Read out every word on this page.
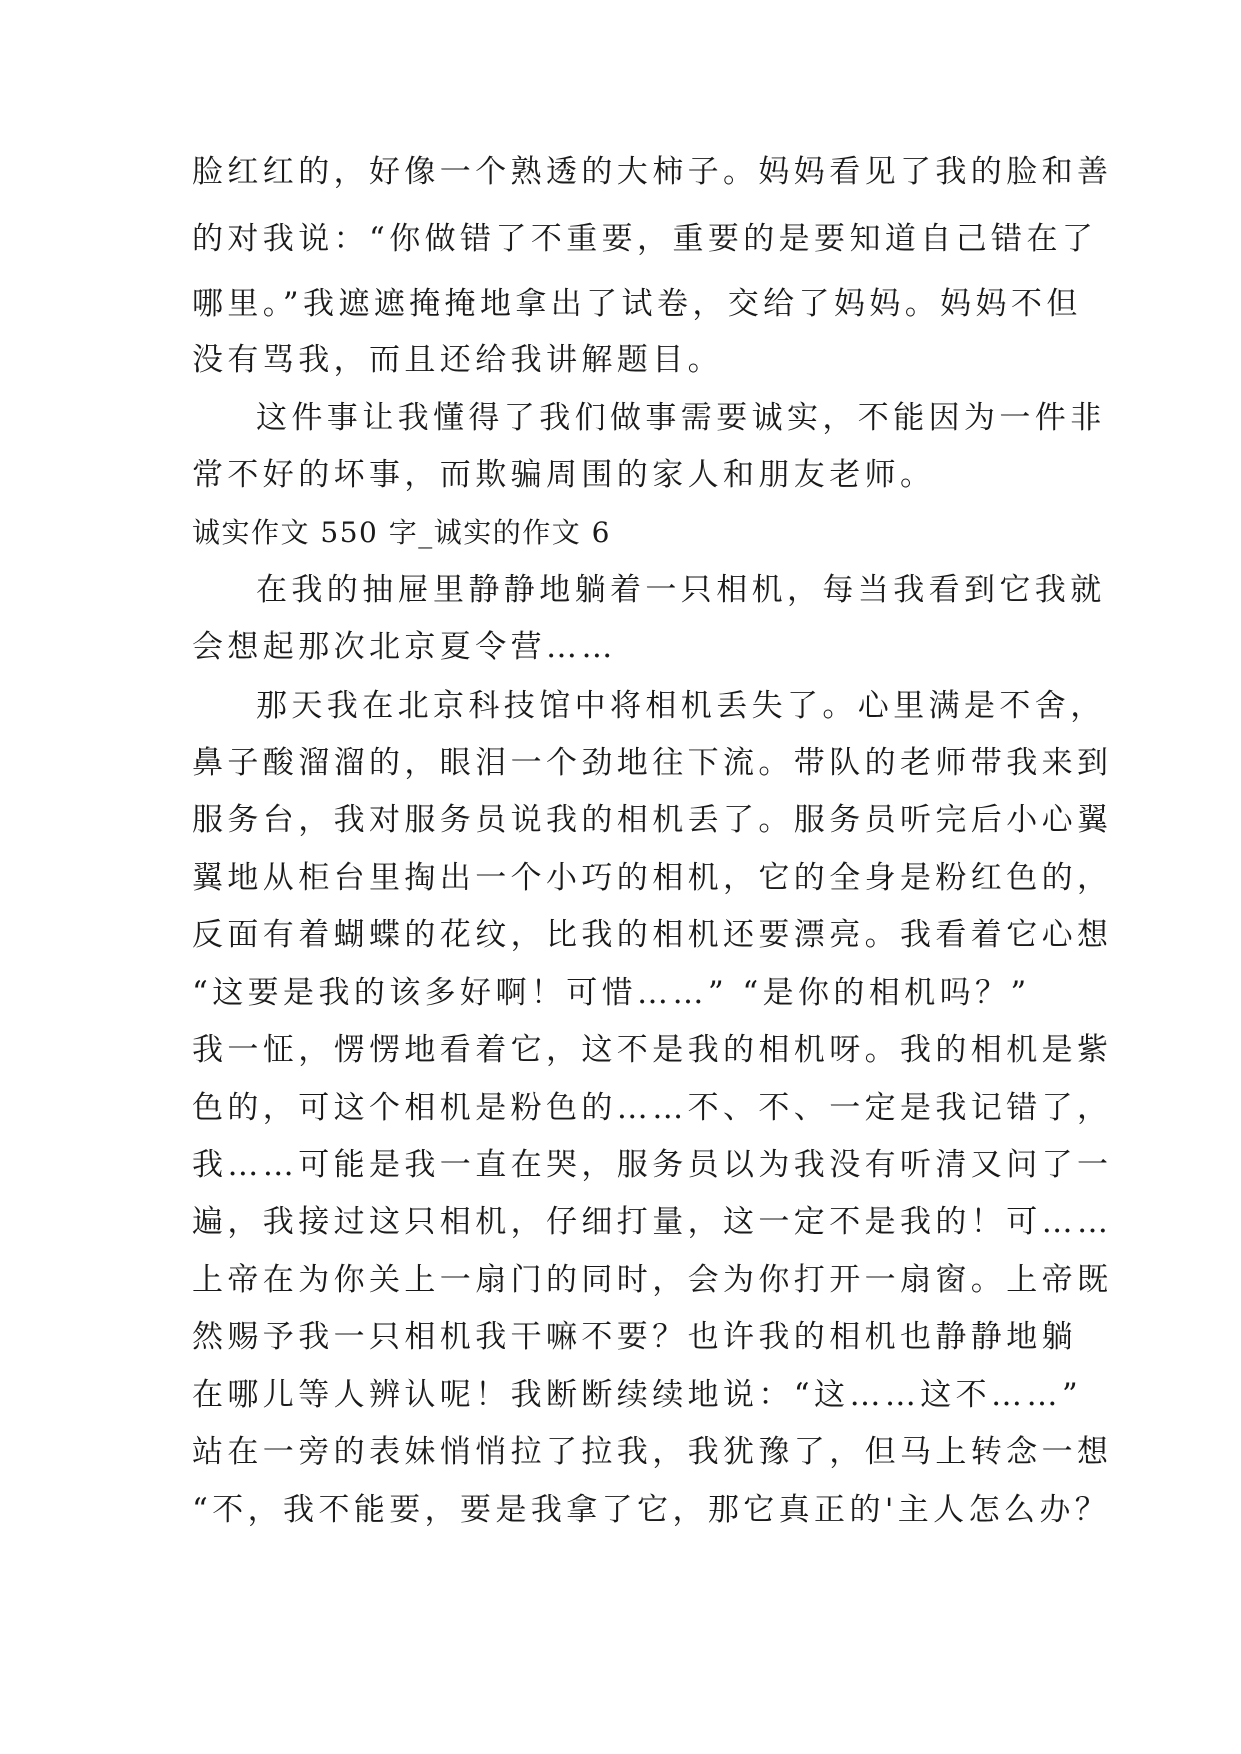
脸红红的，好像一个熟透的大柿子。妈妈看见了我的脸和善
的对我说：“你做错了不重要，重要的是要知道自己错在了
哪里。”我遮遮掩掩地拿出了试卷，交给了妈妈。妈妈不但
没有骂我，而且还给我讲解题目。
这件事让我懂得了我们做事需要诚实，不能因为一件非
常不好的坏事，而欺骗周围的家人和朋友老师。
诚实作文 550 字_诚实的作文 6
在我的抽屉里静静地躺着一只相机，每当我看到它我就
会想起那次北京夏令营……
那天我在北京科技馆中将相机丢失了。心里满是不舍，
鼻子酸溜溜的，眼泪一个劲地往下流。带队的老师带我来到
服务台，我对服务员说我的相机丢了。服务员听完后小心翼
翼地从柜台里掏出一个小巧的相机，它的全身是粉红色的，
反面有着蝴蝶的花纹，比我的相机还要漂亮。我看着它心想
“这要是我的该多好啊！可惜……” “是你的相机吗？”
我一怔，愣愣地看着它，这不是我的相机呀。我的相机是紫
色的，可这个相机是粉色的……不、不、一定是我记错了，
我……可能是我一直在哭，服务员以为我没有听清又问了一
遍，我接过这只相机，仔细打量，这一定不是我的！可……
上帝在为你关上一扇门的同时，会为你打开一扇窗。上帝既
然赐予我一只相机我干嘛不要？也许我的相机也静静地躺
在哪儿等人辨认呢！我断断续续地说：“这……这不……”
站在一旁的表妹悄悄拉了拉我，我犹豫了，但马上转念一想
“不，我不能要，要是我拿了它，那它真正的'主人怎么办？
